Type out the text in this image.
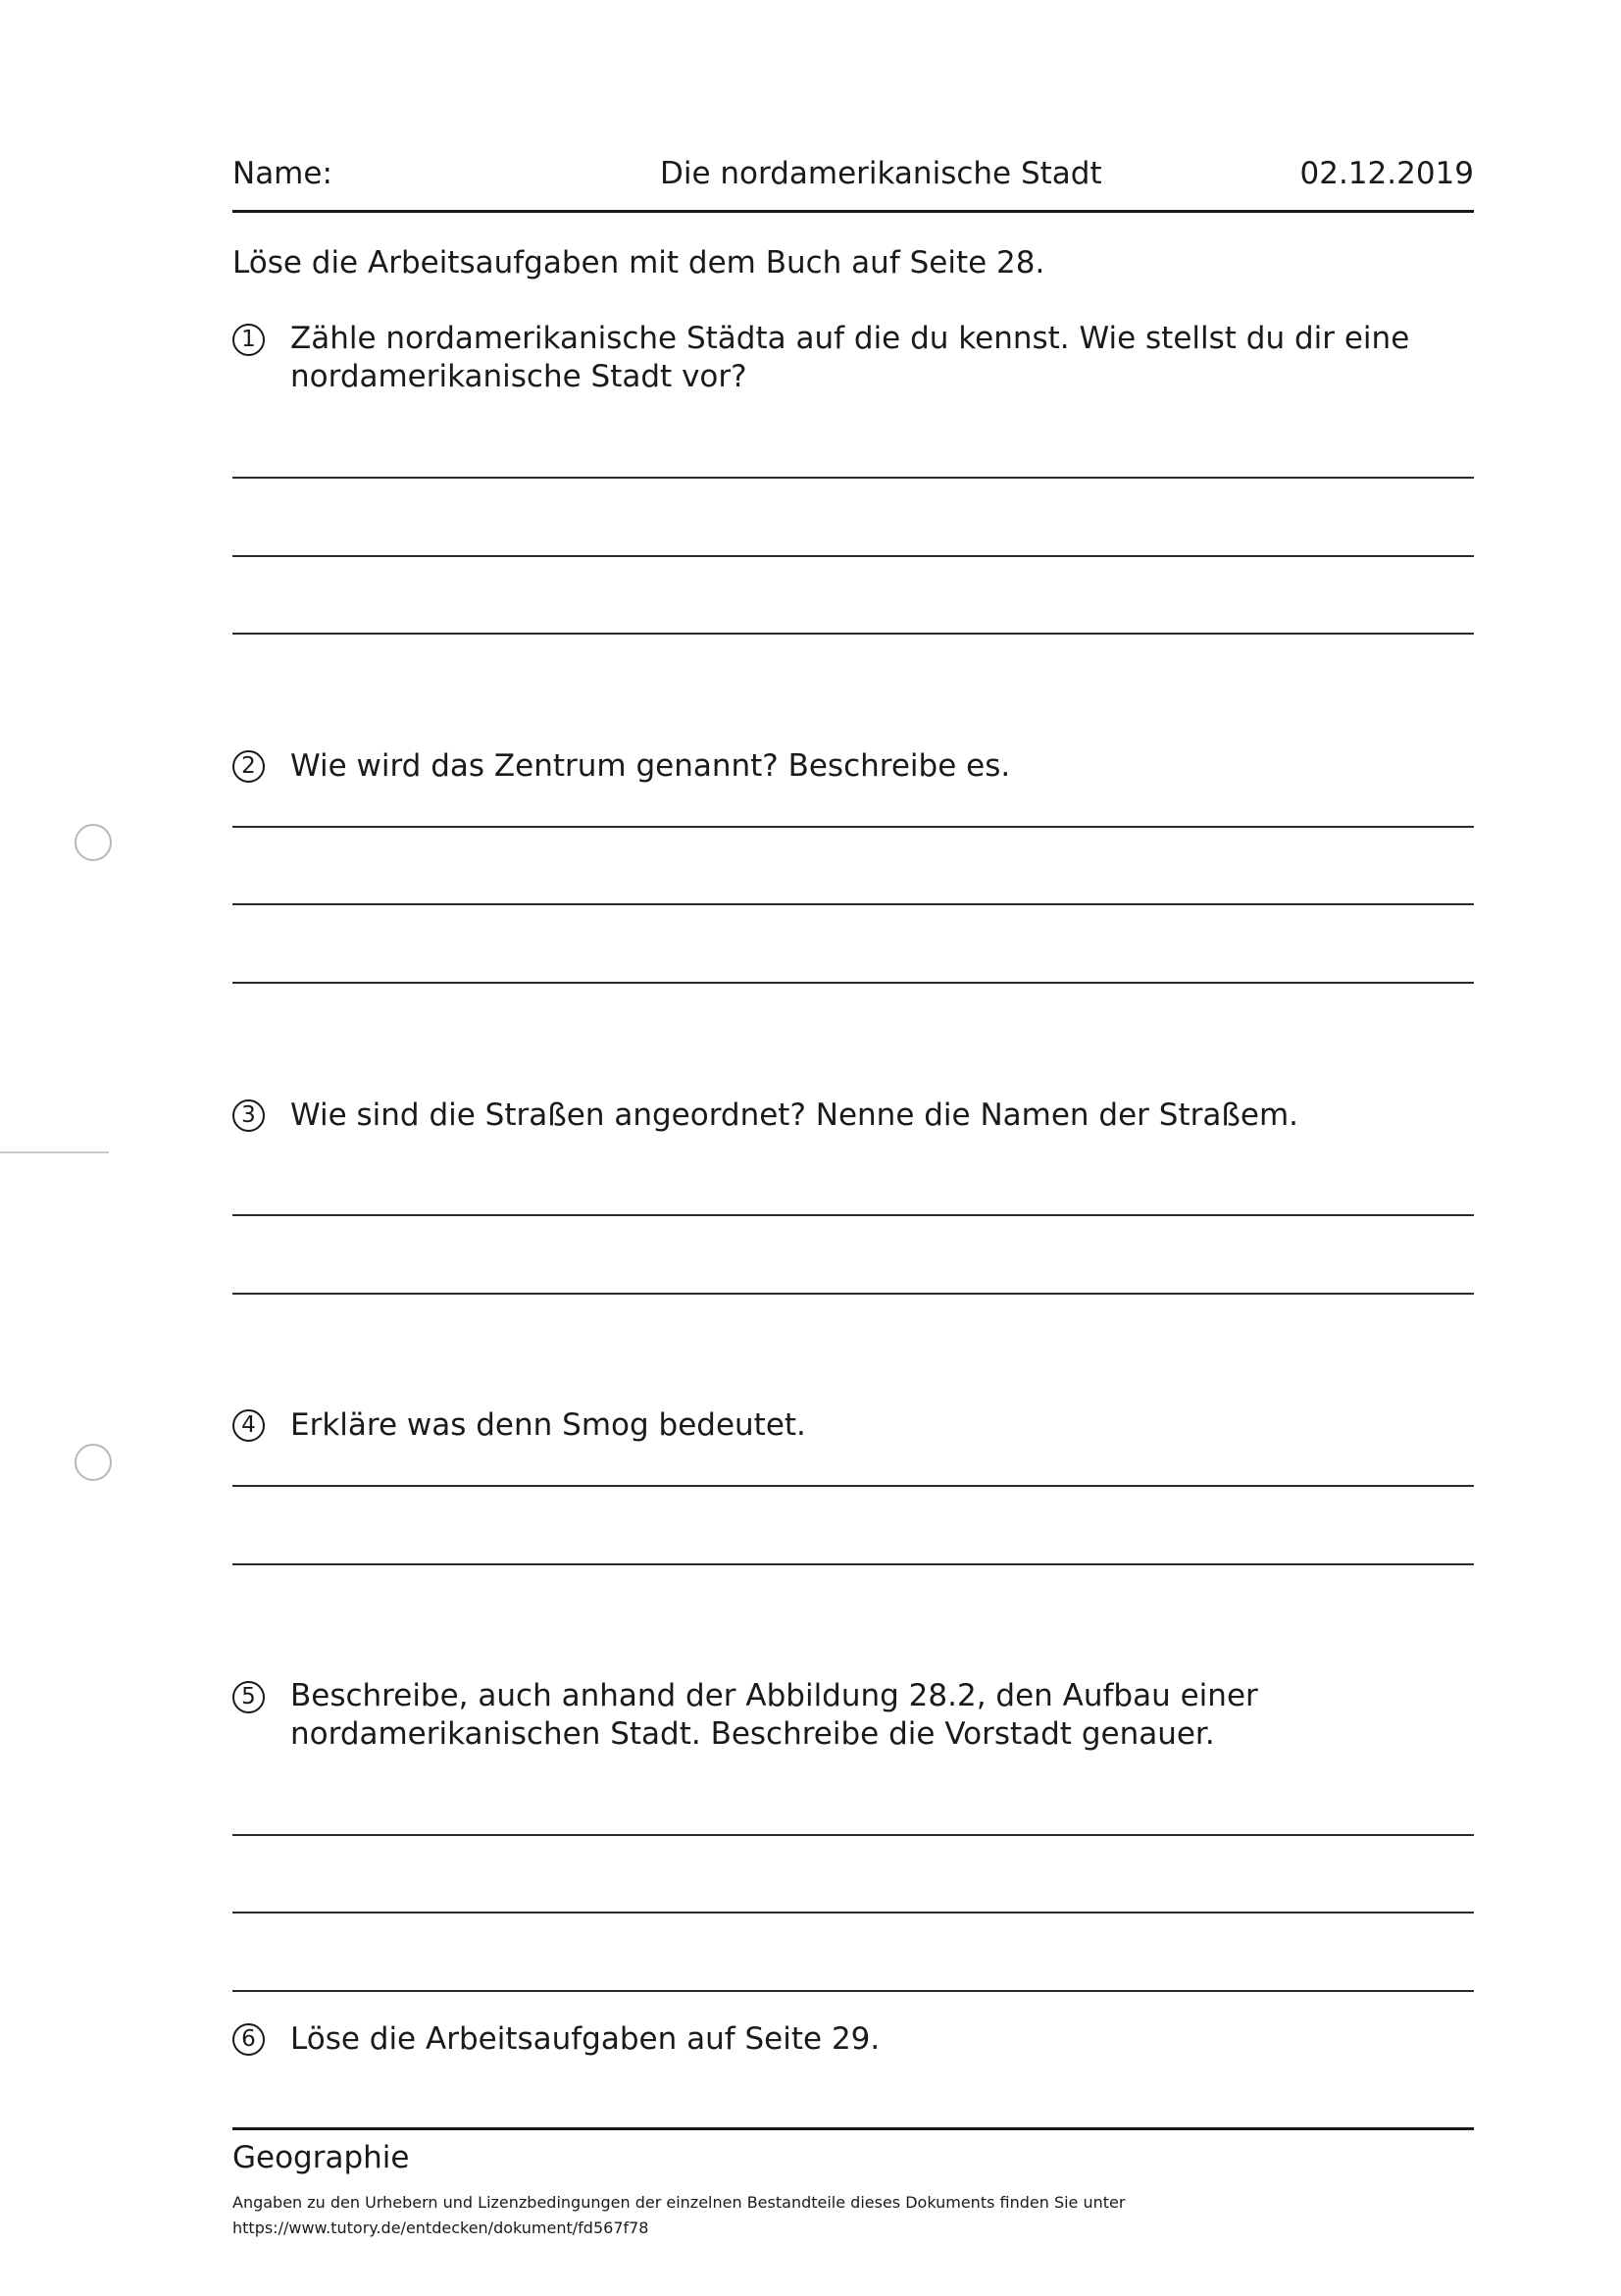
Name:	Die nordamerikanische Stadt	02.12.2019
Löse die Arbeitsaufgaben mit dem Buch auf Seite 28.
1 Zähle nordamerikanische Städta auf die du kennst. Wie stellst du dir eine nordamerikanische Stadt vor?
2 Wie wird das Zentrum genannt? Beschreibe es.
3 Wie sind die Straßen angeordnet? Nenne die Namen der Straßem.
4 Erkläre was denn Smog bedeutet.
5 Beschreibe, auch anhand der Abbildung 28.2, den Aufbau einer nordamerikanischen Stadt. Beschreibe die Vorstadt genauer.
6 Löse die Arbeitsaufgaben auf Seite 29.
Geographie
Angaben zu den Urhebern und Lizenzbedingungen der einzelnen Bestandteile dieses Dokuments finden Sie unter
https://www.tutory.de/entdecken/dokument/fd567f78
